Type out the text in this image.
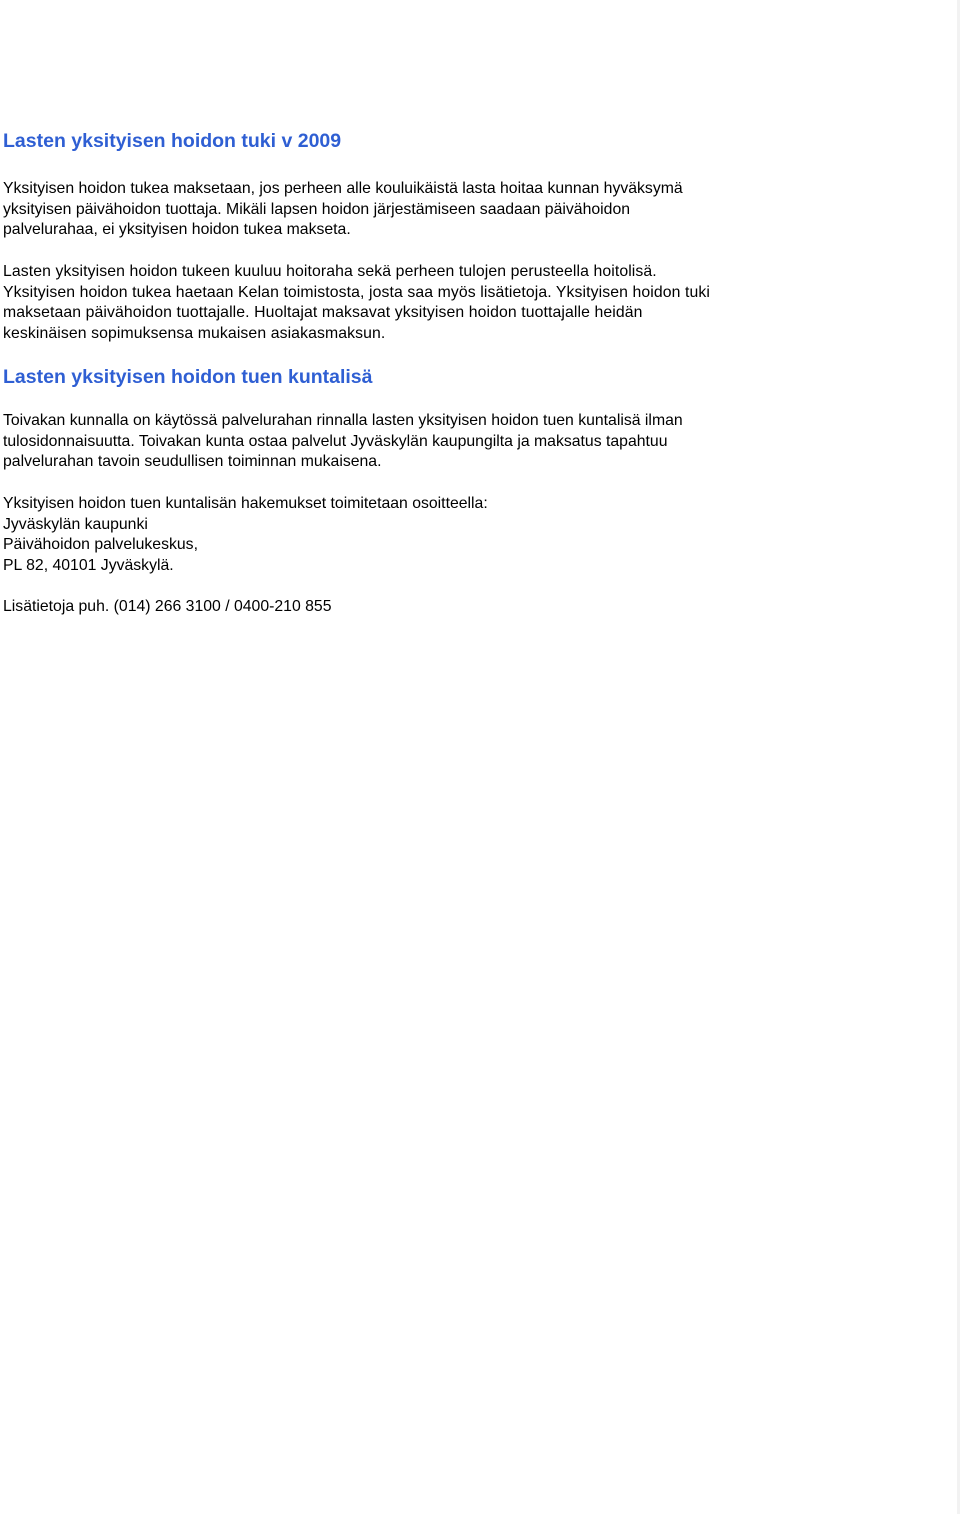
Lasten yksityisen hoidon tuki v 2009

Yksityisen hoidon tukea maksetaan, jos perheen alle kouluikäistä lasta hoitaa kunnan hyväksymä
yksityisen päivähoidon tuottaja. Mikäli lapsen hoidon järjestämiseen saadaan päivähoidon
palvelurahaa, ei yksityisen hoidon tukea makseta.

Lasten yksityisen hoidon tukeen kuuluu hoitoraha sekä perheen tulojen perusteella hoitolisä.
Yksityisen hoidon tukea haetaan Kelan toimistosta, josta saa myös lisätietoja. Yksityisen hoidon tuki
maksetaan päivähoidon tuottajalle. Huoltajat maksavat yksityisen hoidon tuottajalle heidän
keskinäisen sopimuksensa mukaisen asiakasmaksun.

Lasten yksityisen hoidon tuen kuntalisä

Toivakan kunnalla on käytössä palvelurahan rinnalla lasten yksityisen hoidon tuen kuntalisä ilman
tulosidonnaisuutta. Toivakan kunta ostaa palvelut Jyväskylän kaupungilta ja maksatus tapahtuu
palvelurahan tavoin seudullisen toiminnan mukaisena.

Yksityisen hoidon tuen kuntalisän hakemukset toimitetaan osoitteella:
Jyväskylän kaupunki
Päivähoidon palvelukeskus,
PL 82, 40101 Jyväskylä.

Lisätietoja puh. (014) 266 3100 / 0400-210 855
